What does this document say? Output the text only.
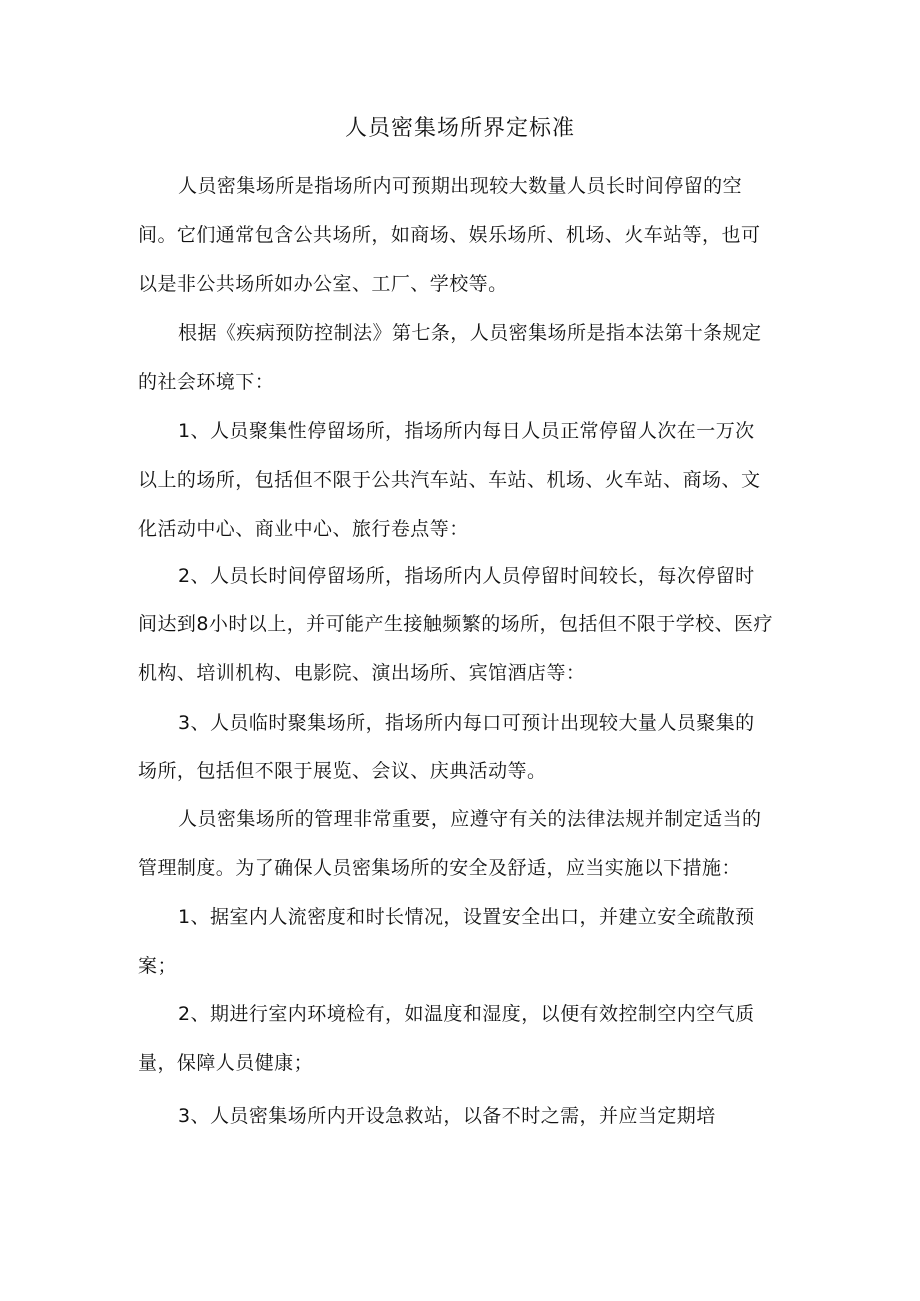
人员密集场所界定标准
人员密集场所是指场所内可预期出现较大数量人员长时间停留的空
间。它们通常包含公共场所，如商场、娱乐场所、机场、火车站等，也可
以是非公共场所如办公室、工厂、学校等。
根据《疾病预防控制法》第七条，人员密集场所是指本法第十条规定
的社会环境下：
1、人员聚集性停留场所，指场所内每日人员正常停留人次在一万次
以上的场所，包括但不限于公共汽车站、车站、机场、火车站、商场、文
化活动中心、商业中心、旅行卷点等：
2、人员长时间停留场所，指场所内人员停留时间较长，每次停留时
间达到8小时以上，并可能产生接触频繁的场所，包括但不限于学校、医疗
机构、培训机构、电影院、演出场所、宾馆酒店等：
3、人员临时聚集场所，指场所内每口可预计出现较大量人员聚集的
场所，包括但不限于展览、会议、庆典活动等。
人员密集场所的管理非常重要，应遵守有关的法律法规并制定适当的
管理制度。为了确保人员密集场所的安全及舒适，应当实施以下措施：
1、据室内人流密度和时长情况，设置安全出口，并建立安全疏散预
案；
2、期进行室内环境检有，如温度和湿度，以便有效控制空内空气质
量，保障人员健康；
3、人员密集场所内开设急救站，以备不时之需，并应当定期培
